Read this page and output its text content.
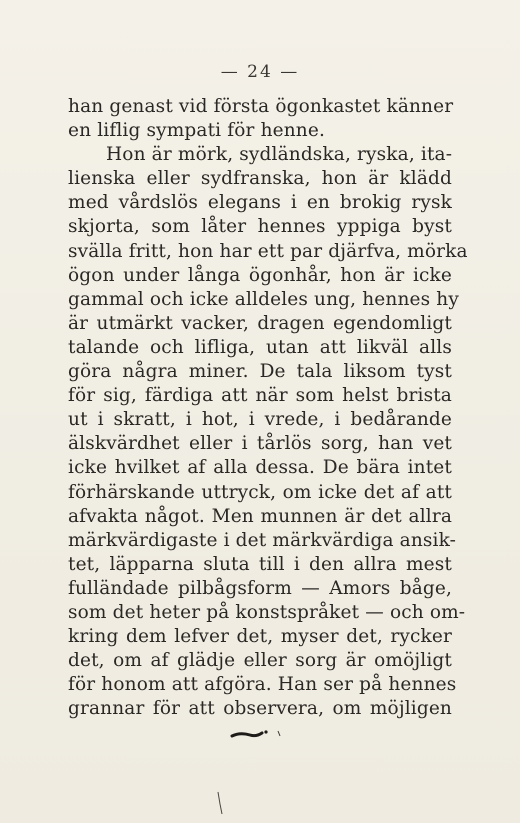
— 24 —
han genast vid första ögonkastet känner
en liflig sympati för henne.
Hon är mörk, sydländska, ryska, ita-
lienska eller sydfranska, hon är klädd
med vårdslös elegans i en brokig rysk
skjorta, som låter hennes yppiga byst
svälla fritt, hon har ett par djärfva, mörka
ögon under långa ögonhår, hon är icke
gammal och icke alldeles ung, hennes hy
är utmärkt vacker, dragen egendomligt
talande och lifliga, utan att likväl alls
göra några miner. De tala liksom tyst
för sig, färdiga att när som helst brista
ut i skratt, i hot, i vrede, i bedårande
älskvärdhet eller i tårlös sorg, han vet
icke hvilket af alla dessa. De bära intet
förhärskande uttryck, om icke det af att
afvakta något. Men munnen är det allra
märkvärdigaste i det märkvärdiga ansik-
tet, läpparna sluta till i den allra mest
fulländade pilbågsform — Amors båge,
som det heter på konstspråket — och om-
kring dem lefver det, myser det, rycker
det, om af glädje eller sorg är omöjligt
för honom att afgöra. Han ser på hennes
grannar för att observera, om möjligen
